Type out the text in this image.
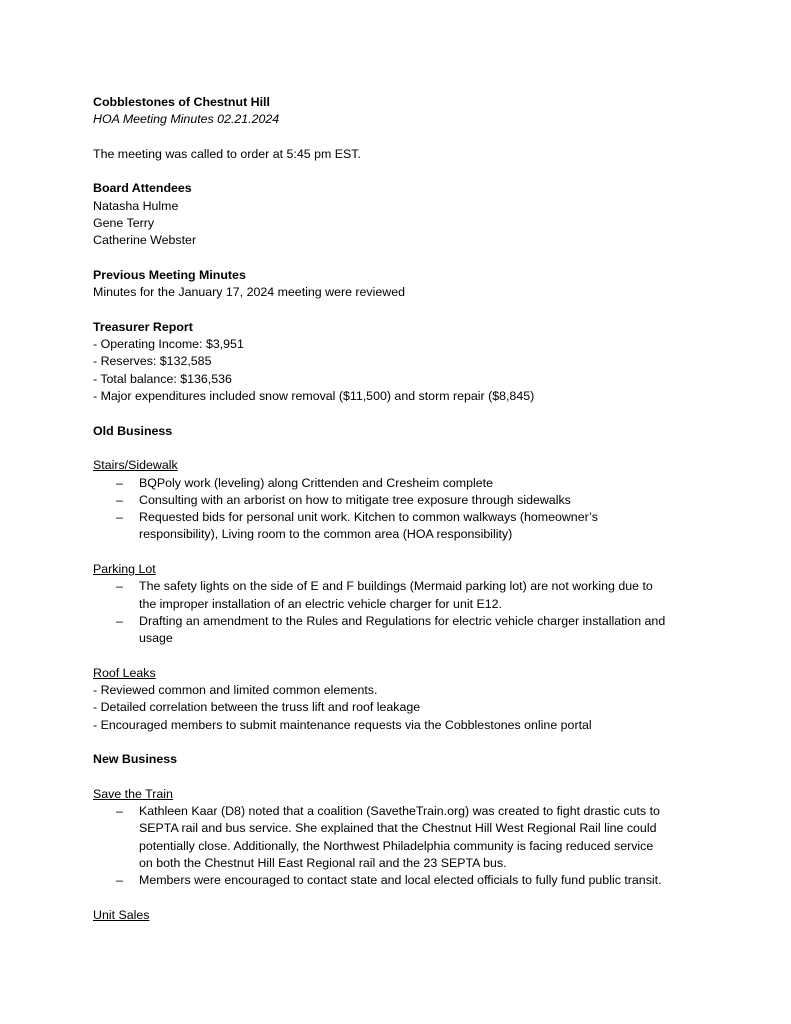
Cobblestones of Chestnut Hill
HOA Meeting Minutes 02.21.2024
The meeting was called to order at 5:45 pm EST.
Board Attendees
Natasha Hulme
Gene Terry
Catherine Webster
Previous Meeting Minutes
Minutes for the January 17, 2024 meeting were reviewed
Treasurer Report
- Operating Income: $3,951
- Reserves: $132,585
- Total balance: $136,536
- Major expenditures included snow removal ($11,500) and storm repair ($8,845)
Old Business
Stairs/Sidewalk
– BQPoly work (leveling) along Crittenden and Cresheim complete
– Consulting with an arborist on how to mitigate tree exposure through sidewalks
– Requested bids for personal unit work. Kitchen to common walkways (homeowner’s
responsibility), Living room to the common area (HOA responsibility)
Parking Lot
– The safety lights on the side of E and F buildings (Mermaid parking lot) are not working due to
the improper installation of an electric vehicle charger for unit E12.
– Drafting an amendment to the Rules and Regulations for electric vehicle charger installation and
usage
Roof Leaks
- Reviewed common and limited common elements.
- Detailed correlation between the truss lift and roof leakage
- Encouraged members to submit maintenance requests via the Cobblestones online portal
New Business
Save the Train
– Kathleen Kaar (D8) noted that a coalition (SavetheTrain.org) was created to fight drastic cuts to
SEPTA rail and bus service. She explained that the Chestnut Hill West Regional Rail line could
potentially close. Additionally, the Northwest Philadelphia community is facing reduced service
on both the Chestnut Hill East Regional rail and the 23 SEPTA bus.
– Members were encouraged to contact state and local elected officials to fully fund public transit.
Unit Sales
